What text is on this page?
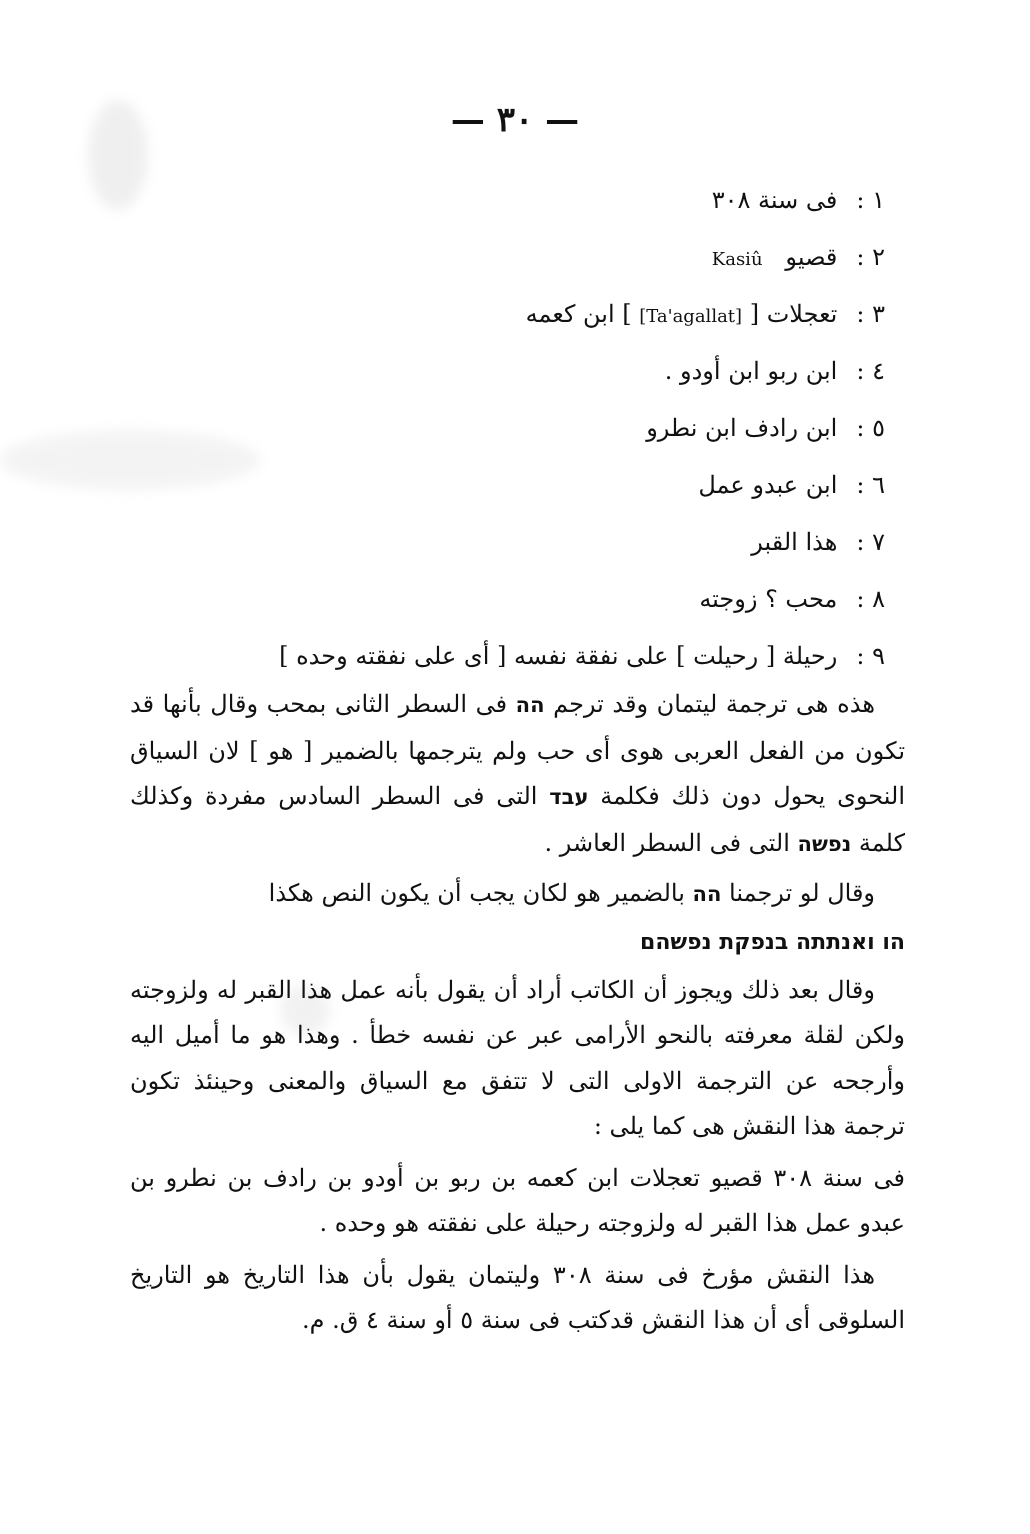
— ٣٠ —
١ : فى سنة ٣٠٨
٢ : قصيو   Kasiû
٣ : تعجلات [ [Ta'agallat] ] ابن كعمه
٤ : ابن ربو ابن أودو .
٥ : ابن رادف ابن نطرو
٦ : ابن عبدو عمل
٧ : هذا القبر
٨ : محب ؟ زوجته
٩ : رحيلة [ رحيلت ] على نفقة نفسه [ أى على نفقته وحده ]

هذه هى ترجمة ليتمان وقد ترجم הה فى السطر الثانى بمحب وقال بأنها قد تكون من الفعل العربى هوى أى حب ولم يترجمها بالضمير [ هو ] لان السياق النحوى يحول دون ذلك فكلمة עבד التى فى السطر السادس مفردة وكذلك كلمة נפשה التى فى السطر العاشر .

وقال لو ترجمنا הה بالضمير هو لكان يجب أن يكون النص هكذا

הו ואנתתה בנפקת נפשהם

وقال بعد ذلك ويجوز أن الكاتب أراد أن يقول بأنه عمل هذا القبر له ولزوجته ولكن لقلة معرفته بالنحو الأرامى عبر عن نفسه خطأ . وهذا هو ما أميل اليه وأرجحه عن الترجمة الاولى التى لا تتفق مع السياق والمعنى وحينئذ تكون ترجمة هذا النقش هى كما يلى :

فى سنة ٣٠٨ قصيو تعجلات ابن كعمه بن ربو بن أودو بن رادف بن نطرو بن عبدو عمل هذا القبر له ولزوجته رحيلة على نفقته هو وحده .

هذا النقش مؤرخ فى سنة ٣٠٨ وليتمان يقول بأن هذا التاريخ هو التاريخ السلوقى أى أن هذا النقش قدكتب فى سنة ٥ أو سنة ٤ ق. م.
